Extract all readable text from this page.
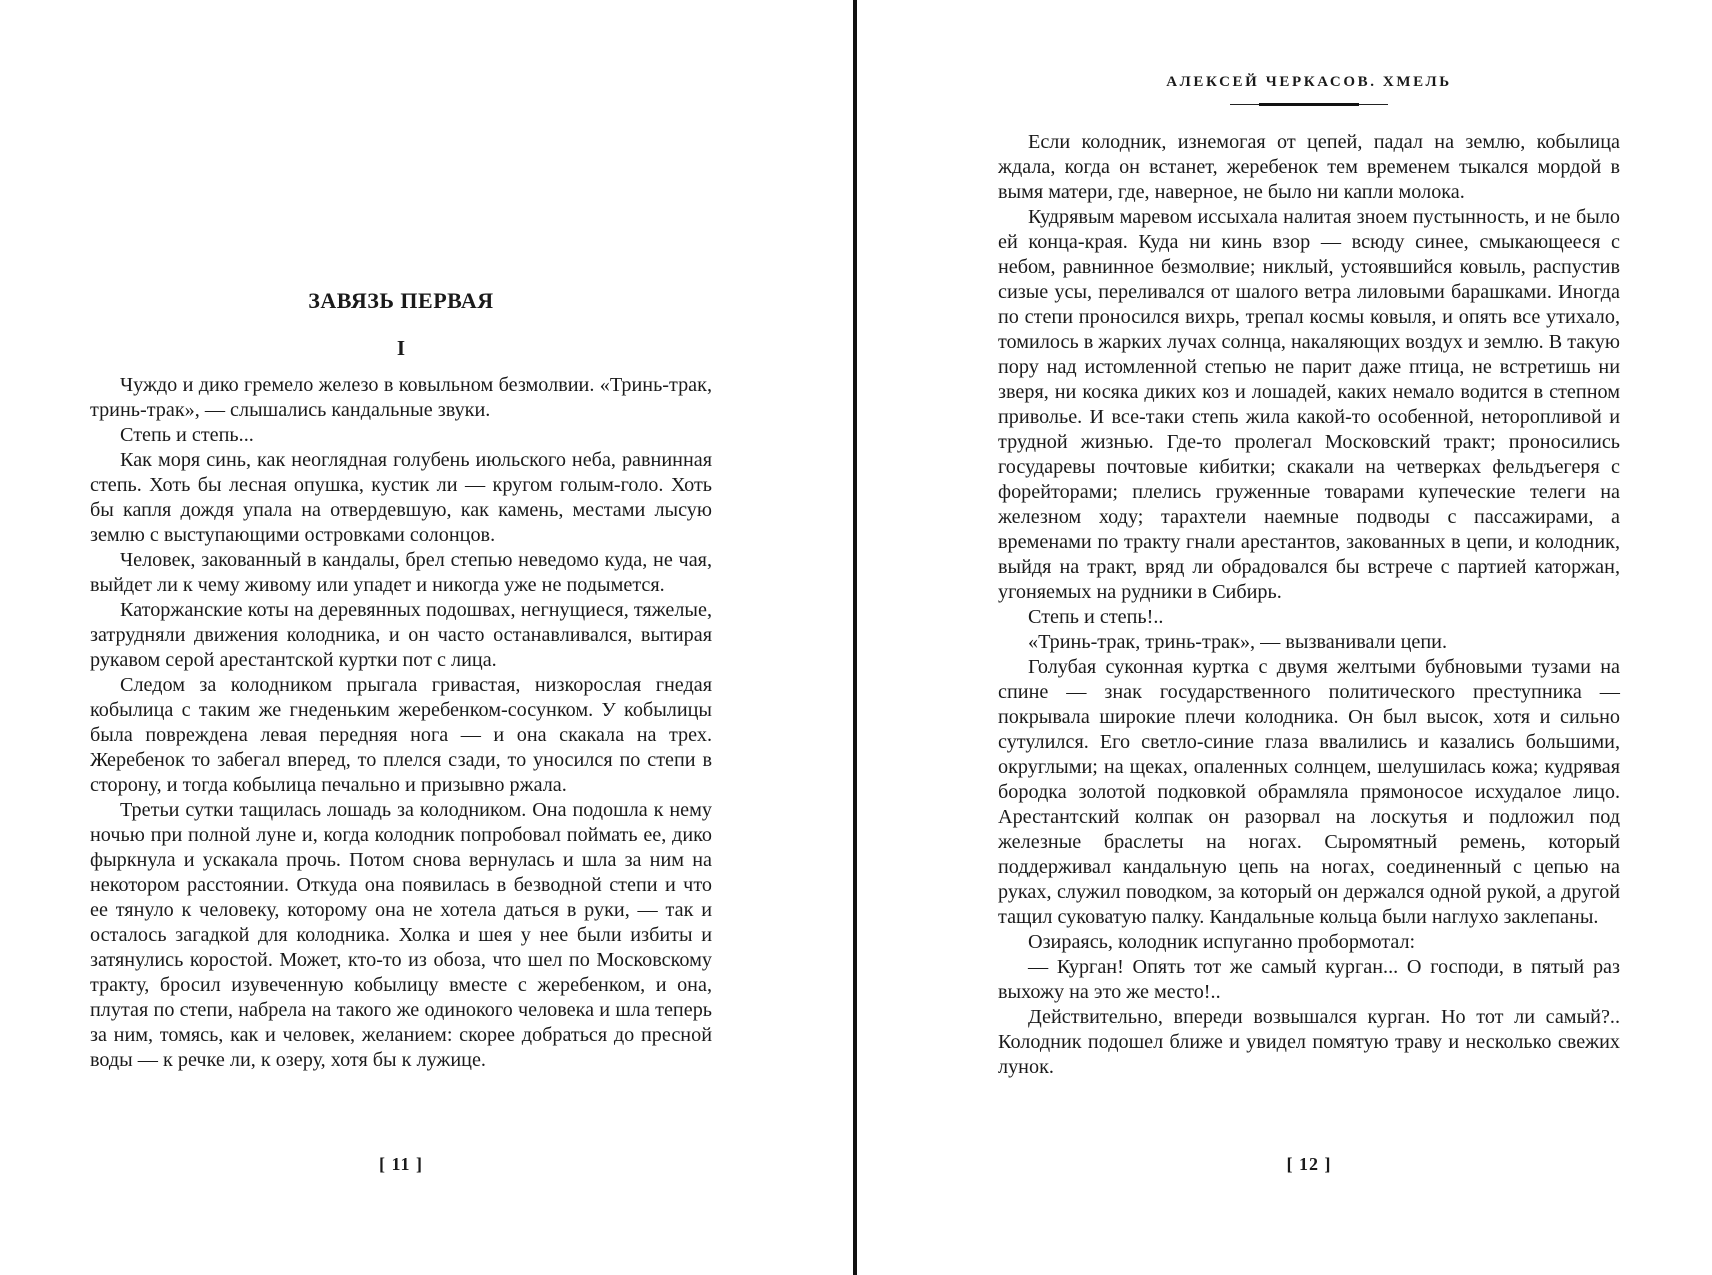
ЗАВЯЗЬ ПЕРВАЯ
I

Чуждо и дико гремело железо в ковыльном безмолвии. «Тринь-трак, тринь-трак», — слышались кандальные звуки.

Степь и степь...

Как моря синь, как неоглядная голубень июльского неба, равнинная степь. Хоть бы лесная опушка, кустик ли — кругом голым-голо. Хоть бы капля дождя упала на отвердевшую, как камень, местами лысую землю с выступающими островками солонцов.

Человек, закованный в кандалы, брел степью неведомо куда, не чая, выйдет ли к чему живому или упадет и никогда уже не подымется.

Каторжанские коты на деревянных подошвах, негнущиеся, тяжелые, затрудняли движения колодника, и он часто останавливался, вытирая рукавом серой арестантской куртки пот с лица.

Следом за колодником прыгала гривастая, низкорослая гнедая кобылица с таким же гнеденьким жеребенком-сосунком. У кобылицы была повреждена левая передняя нога — и она скакала на трех. Жеребенок то забегал вперед, то плелся сзади, то уносился по степи в сторону, и тогда кобылица печально и призывно ржала.

Третьи сутки тащилась лошадь за колодником. Она подошла к нему ночью при полной луне и, когда колодник попробовал поймать ее, дико фыркнула и ускакала прочь. Потом снова вернулась и шла за ним на некотором расстоянии. Откуда она появилась в безводной степи и что ее тянуло к человеку, которому она не хотела даться в руки, — так и осталось загадкой для колодника. Холка и шея у нее были избиты и затянулись коростой. Может, кто-то из обоза, что шел по Московскому тракту, бросил изувеченную кобылицу вместе с жеребенком, и она, плутая по степи, набрела на такого же одинокого человека и шла теперь за ним, томясь, как и человек, желанием: скорее добраться до пресной воды — к речке ли, к озеру, хотя бы к лужице.

[ 11 ]
АЛЕКСЕЙ ЧЕРКАСОВ. ХМЕЛЬ

Если колодник, изнемогая от цепей, падал на землю, кобылица ждала, когда он встанет, жеребенок тем временем тыкался мордой в вымя матери, где, наверное, не было ни капли молока.

Кудрявым маревом иссыхала налитая зноем пустынность, и не было ей конца-края. Куда ни кинь взор — всюду синее, смыкающееся с небом, равнинное безмолвие; никлый, устоявшийся ковыль, распустив сизые усы, переливался от шалого ветра лиловыми барашками. Иногда по степи проносился вихрь, трепал космы ковыля, и опять все утихало, томилось в жарких лучах солнца, накаляющих воздух и землю. В такую пору над истомленной степью не парит даже птица, не встретишь ни зверя, ни косяка диких коз и лошадей, каких немало водится в степном приволье. И все-таки степь жила какой-то особенной, неторопливой и трудной жизнью. Где-то пролегал Московский тракт; проносились государевы почтовые кибитки; скакали на четверках фельдъегеря с форейторами; плелись груженные товарами купеческие телеги на железном ходу; тарахтели наемные подводы с пассажирами, а временами по тракту гнали арестантов, закованных в цепи, и колодник, выйдя на тракт, вряд ли обрадовался бы встрече с партией каторжан, угоняемых на рудники в Сибирь.

Степь и степь!..

«Тринь-трак, тринь-трак», — вызванивали цепи.

Голубая суконная куртка с двумя желтыми бубновыми тузами на спине — знак государственного политического преступника — покрывала широкие плечи колодника. Он был высок, хотя и сильно сутулился. Его светло-синие глаза ввалились и казались большими, округлыми; на щеках, опаленных солнцем, шелушилась кожа; кудрявая бородка золотой подковкой обрамляла прямоносое исхудалое лицо. Арестантский колпак он разорвал на лоскутья и подложил под железные браслеты на ногах. Сыромятный ремень, который поддерживал кандальную цепь на ногах, соединенный с цепью на руках, служил поводком, за который он держался одной рукой, а другой тащил суковатую палку. Кандальные кольца были наглухо заклепаны.

Озираясь, колодник испуганно пробормотал:

— Курган! Опять тот же самый курган... О господи, в пятый раз выхожу на это же место!..

Действительно, впереди возвышался курган. Но тот ли самый?.. Колодник подошел ближе и увидел помятую траву и несколько свежих лунок.

[ 12 ]
